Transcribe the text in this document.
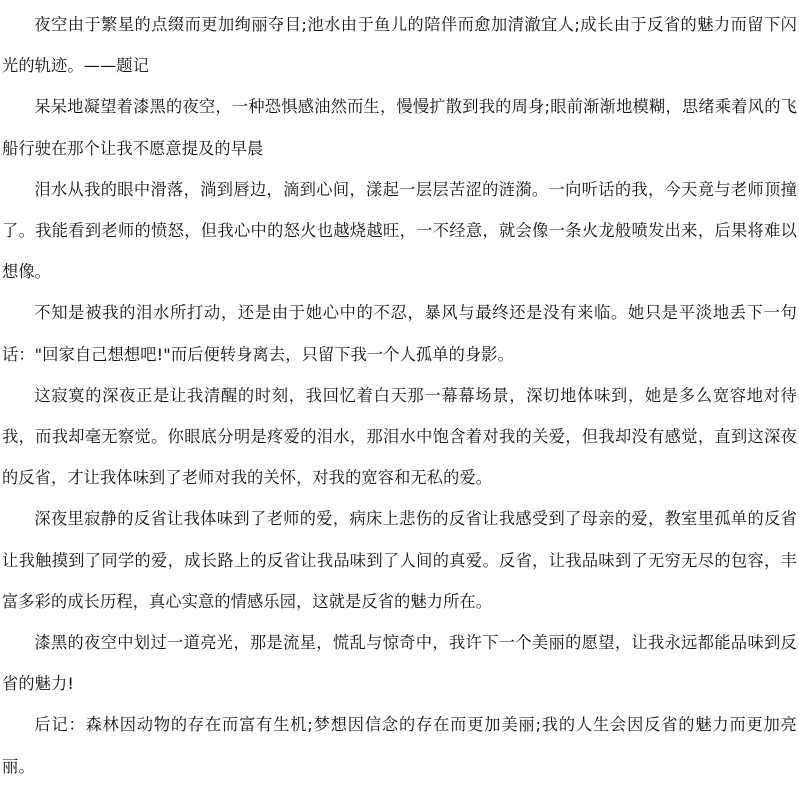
夜空由于繁星的点缀而更加绚丽夺目;池水由于鱼儿的陪伴而愈加清澈宜人;成长由于反省的魅力而留下闪光的轨迹。——题记

呆呆地凝望着漆黑的夜空，一种恐惧感油然而生，慢慢扩散到我的周身;眼前渐渐地模糊，思绪乘着风的飞船行驶在那个让我不愿意提及的早晨

泪水从我的眼中滑落，淌到唇边，滴到心间，漾起一层层苦涩的涟漪。一向听话的我，今天竟与老师顶撞了。我能看到老师的愤怒，但我心中的怒火也越烧越旺，一不经意，就会像一条火龙般喷发出来，后果将难以想像。

不知是被我的泪水所打动，还是由于她心中的不忍，暴风与最终还是没有来临。她只是平淡地丢下一句话："回家自己想想吧!"而后便转身离去，只留下我一个人孤单的身影。

这寂寞的深夜正是让我清醒的时刻，我回忆着白天那一幕幕场景，深切地体味到，她是多么宽容地对待我，而我却毫无察觉。你眼底分明是疼爱的泪水，那泪水中饱含着对我的关爱，但我却没有感觉，直到这深夜的反省，才让我体味到了老师对我的关怀，对我的宽容和无私的爱。

深夜里寂静的反省让我体味到了老师的爱，病床上悲伤的反省让我感受到了母亲的爱，教室里孤单的反省让我触摸到了同学的爱，成长路上的反省让我品味到了人间的真爱。反省，让我品味到了无穷无尽的包容，丰富多彩的成长历程，真心实意的情感乐园，这就是反省的魅力所在。

漆黑的夜空中划过一道亮光，那是流星，慌乱与惊奇中，我许下一个美丽的愿望，让我永远都能品味到反省的魅力!

后记：森林因动物的存在而富有生机;梦想因信念的存在而更加美丽;我的人生会因反省的魅力而更加亮丽。
